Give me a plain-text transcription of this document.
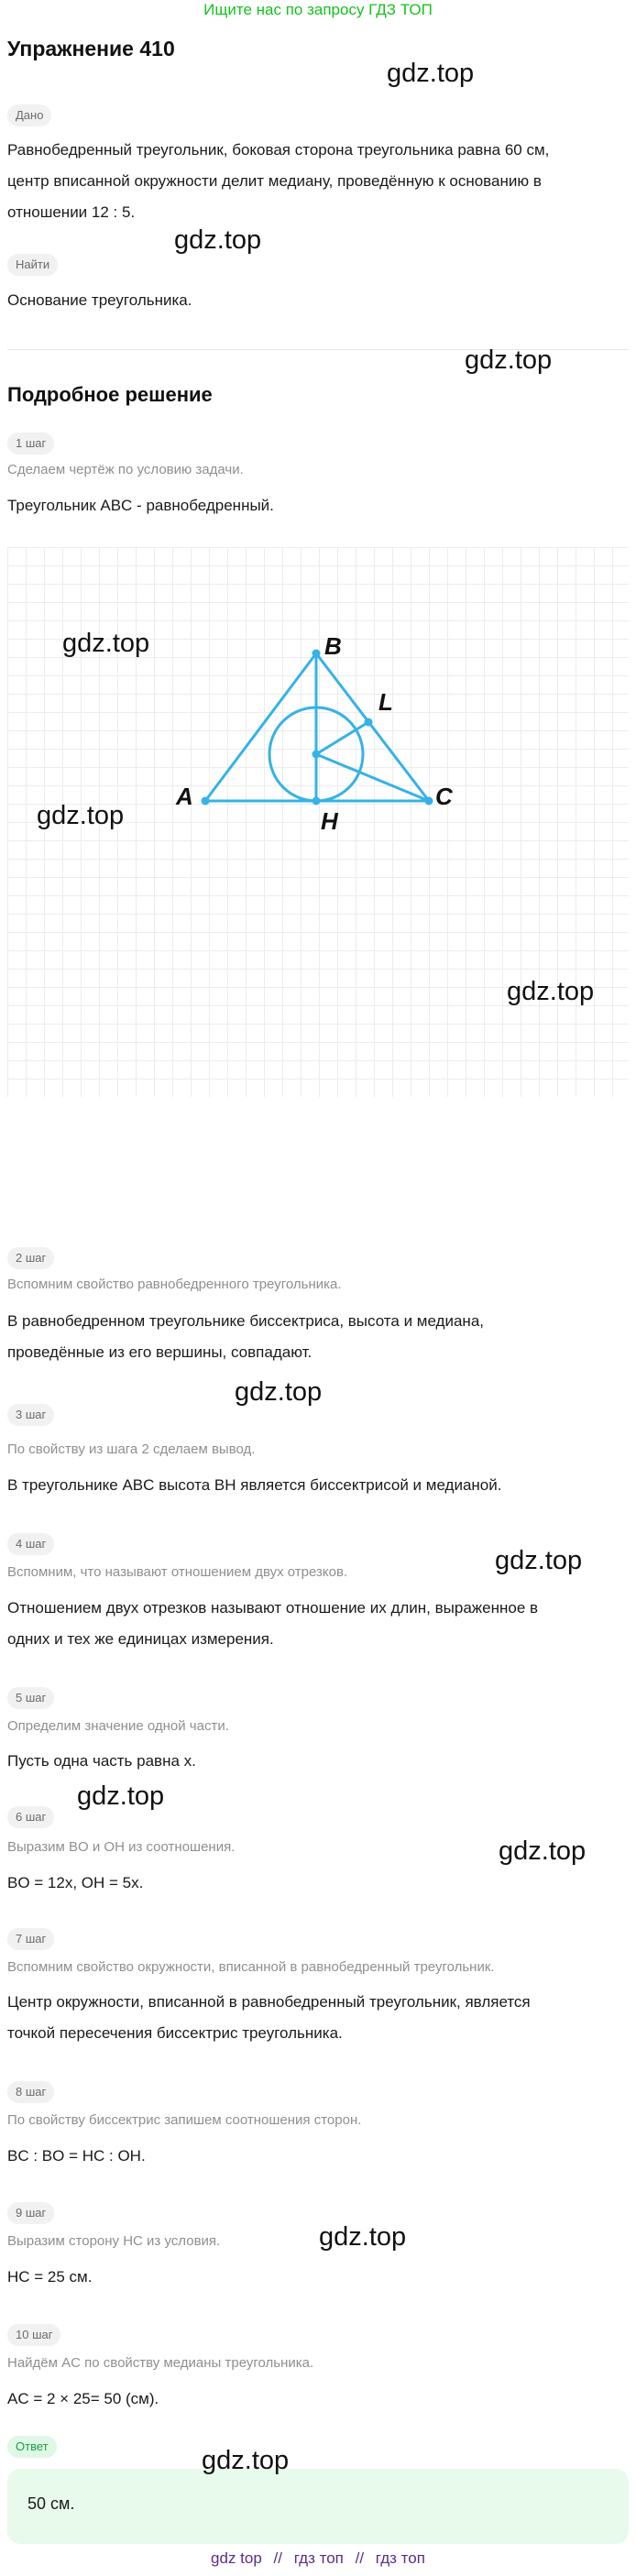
Ищите нас по запросу ГДЗ ТОП
Упражнение 410
Дано
Равнобедренный треугольник, боковая сторона треугольника равна 60 см,
центр вписанной окружности делит медиану, проведённую к основанию в
отношении 12 : 5.
Найти
Основание треугольника.
Подробное решение
1 шаг
Сделаем чертёж по условию задачи.
Треугольник ABC - равнобедренный.
A
B
C
H
L
2 шаг
Вспомним свойство равнобедренного треугольника.
В равнобедренном треугольнике биссектриса, высота и медиана,
проведённые из его вершины, совпадают.
3 шаг
По свойству из шага 2 сделаем вывод.
В треугольнике ABC высота BH является биссектрисой и медианой.
4 шаг
Вспомним, что называют отношением двух отрезков.
Отношением двух отрезков называют отношение их длин, выраженное в
одних и тех же единицах измерения.
5 шаг
Определим значение одной части.
Пусть одна часть равна x.
6 шаг
Выразим BO и OH из соотношения.
BO = 12x, OH = 5x.
7 шаг
Вспомним свойство окружности, вписанной в равнобедренный треугольник.
Центр окружности, вписанной в равнобедренный треугольник, является
точкой пересечения биссектрис треугольника.
8 шаг
По свойству биссектрис запишем соотношения сторон.
BC : BO = HC : OH.
9 шаг
Выразим сторону HC из условия.
HC = 25 см.
10 шаг
Найдём AC по свойству медианы треугольника.
AC = 2 × 25= 50 (см).
Ответ
50 см.
gdz.top
gdz.top
gdz.top
gdz.top
gdz.top
gdz.top
gdz.top
gdz.top
gdz.top
gdz.top
gdz.top
gdz.top
gdz top // гдз топ // гдз топ
